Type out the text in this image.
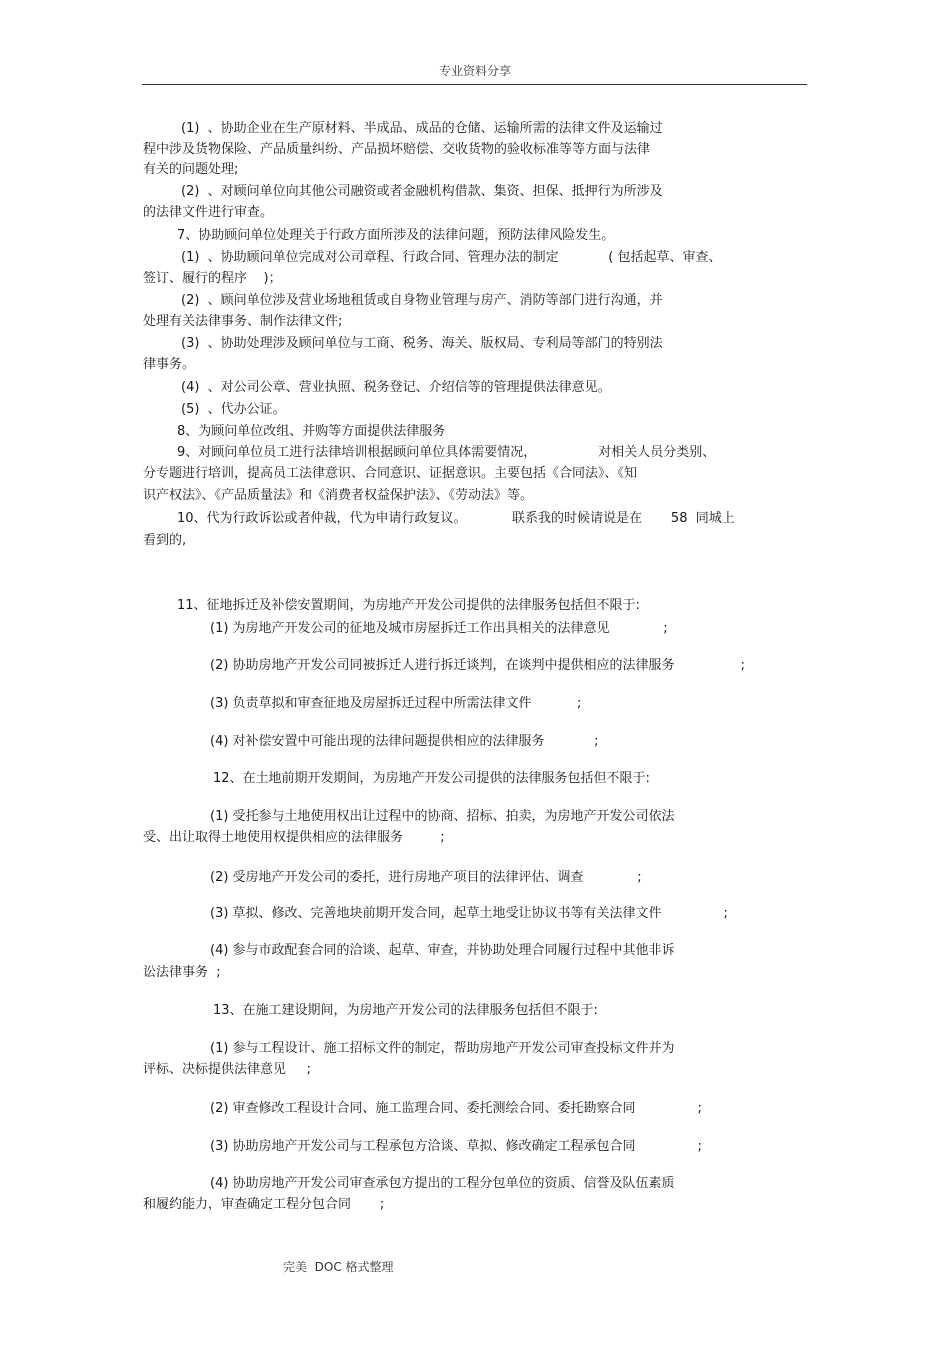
专业资料分享
(1)  、协助企业在生产原材料、半成品、成品的仓储、运输所需的法律文件及运输过
程中涉及货物保险、产品质量纠纷、产品损坏赔偿、交收货物的验收标准等等方面与法律
有关的问题处理;
(2)  、对顾问单位向其他公司融资或者金融机构借款、集资、担保、抵押行为所涉及
的法律文件进行审查。
7、协助顾问单位处理关于行政方面所涉及的法律问题，预防法律风险发生。
(1)  、协助顾问单位完成对公司章程、行政合同、管理办法的制定            ( 包括起草、审查、
签订、履行的程序    )；
(2)  、顾问单位涉及营业场地租赁或自身物业管理与房产、消防等部门进行沟通，并
处理有关法律事务、制作法律文件;
(3)  、协助处理涉及顾问单位与工商、税务、海关、版权局、专利局等部门的特别法
律事务。
(4)  、对公司公章、营业执照、税务登记、介绍信等的管理提供法律意见。
(5)  、代办公证。
8、为顾问单位改组、并购等方面提供法律服务
9、对顾问单位员工进行法律培训根据顾问单位具体需要情况，               对相关人员分类别、
分专题进行培训，提高员工法律意识、合同意识、证据意识。主要包括《合同法》、《知
识产权法》、《产品质量法》和《消费者权益保护法》、《劳动法》等。
10、代为行政诉讼或者仲裁，代为申请行政复议。           联系我的时候请说是在       58  同城上
看到的,
11、征地拆迁及补偿安置期间，为房地产开发公司提供的法律服务包括但不限于:
(1) 为房地产开发公司的征地及城市房屋拆迁工作出具相关的法律意见             ;
(2) 协助房地产开发公司同被拆迁人进行拆迁谈判，在谈判中提供相应的法律服务                ;
(3) 负责草拟和审查征地及房屋拆迁过程中所需法律文件           ;
(4) 对补偿安置中可能出现的法律问题提供相应的法律服务            ;
12、在土地前期开发期间，为房地产开发公司提供的法律服务包括但不限于:
(1) 受托参与土地使用权出让过程中的协商、招标、拍卖，为房地产开发公司依法
受、出让取得土地使用权提供相应的法律服务         ;
(2) 受房地产开发公司的委托，进行房地产项目的法律评估、调查             ;
(3) 草拟、修改、完善地块前期开发合同，起草土地受让协议书等有关法律文件               ;
(4) 参与市政配套合同的洽谈、起草、审查，并协助处理合同履行过程中其他非诉
讼法律事务  ;
13、在施工建设期间，为房地产开发公司的法律服务包括但不限于:
(1) 参与工程设计、施工招标文件的制定，帮助房地产开发公司审查投标文件并为
评标、决标提供法律意见     ;
(2) 审查修改工程设计合同、施工监理合同、委托测绘合同、委托勘察合同               ;
(3) 协助房地产开发公司与工程承包方洽谈、草拟、修改确定工程承包合同               ;
(4) 协助房地产开发公司审查承包方提出的工程分包单位的资质、信誉及队伍素质
和履约能力，审查确定工程分包合同       ;
完美  DOC 格式整理
